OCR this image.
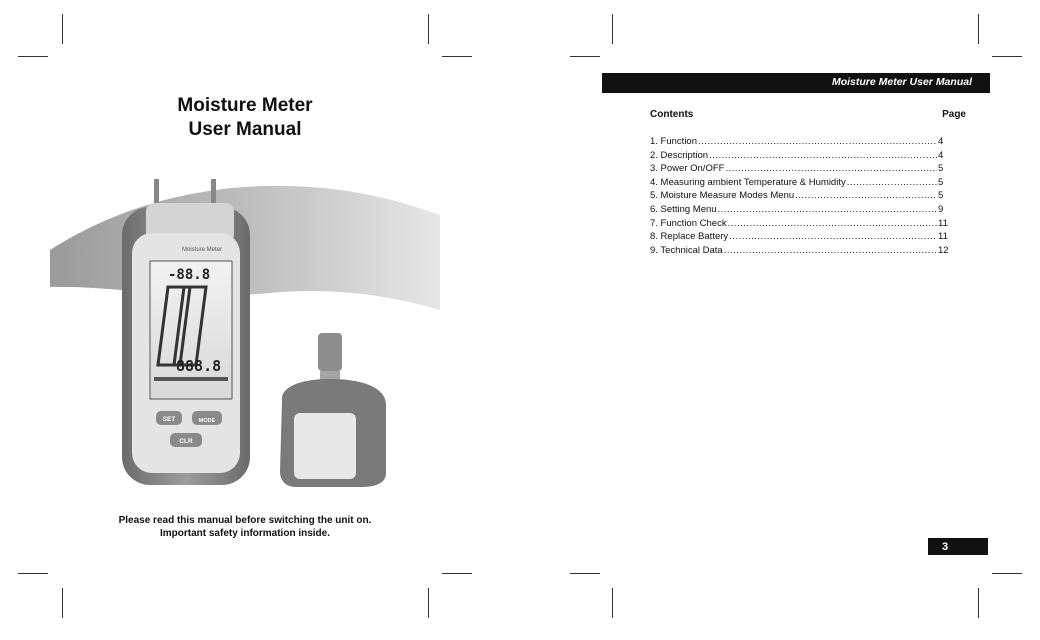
Moisture Meter
User Manual
Moisture Meter
-88.8
888.8
SET	MODE
CLR
Please read this manual before switching the unit on.
Important safety information inside.
Moisture Meter User Manual
Contents	Page
1. Function .....	4
2. Description .....	4
3. Power On/OFF .....	5
4. Measuring ambient Temperature & Humidity .....	5
5. Moisture Measure Modes Menu .....	5
6. Setting Menu .....	9
7. Function Check .....	11
8. Replace Battery .....	11
9. Technical Data .....	12
3
